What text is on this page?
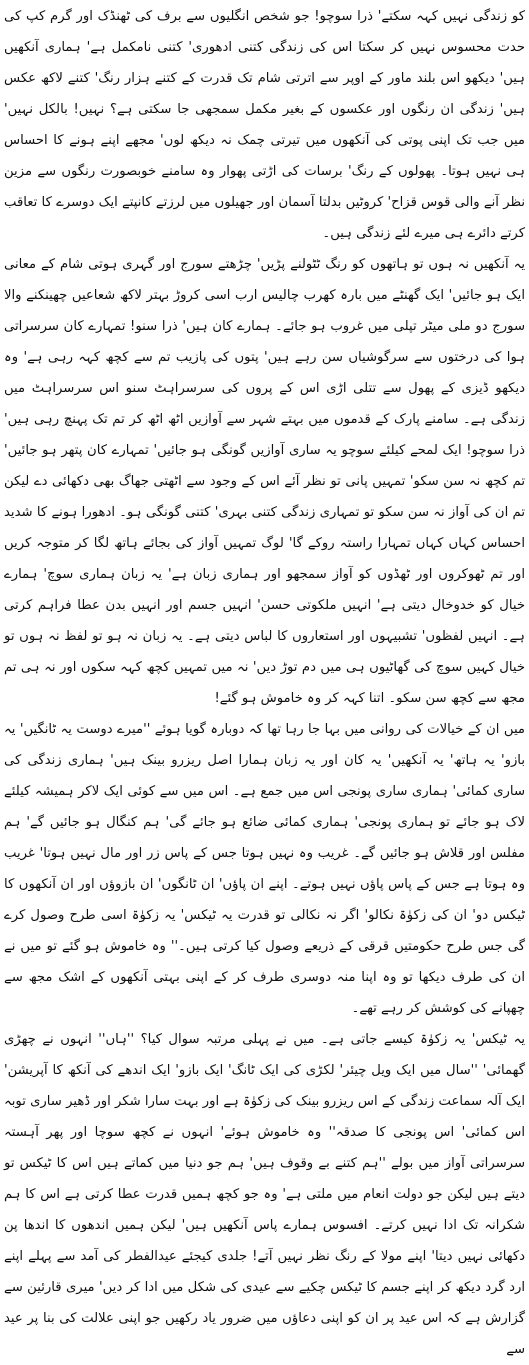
کو زندگی نہیں کہہ سکتے' ذرا سوچو! جو شخص انگلیوں سے برف کی ٹھنڈک اور گرم کپ کی حدت محسوس نہیں کر سکتا اس کی زندگی کتنی ادھوری' کتنی نامکمل ہے' ہماری آنکھیں ہیں' دیکھو اس بلند ماور کے اوپر سے اترتی شام تک قدرت کے کتنے ہزار رنگ' کتنے لاکھ عکس ہیں' زندگی ان رنگوں اور عکسوں کے بغیر مکمل سمجھی جا سکتی ہے؟ نہیں! بالکل نہیں' میں جب تک اپنی پوتی کی آنکھوں میں تیرتی چمک نہ دیکھ لوں' مجھے اپنے ہونے کا احساس ہی نہیں ہوتا۔ پھولوں کے رنگ' برسات کی اڑتی پھوار وہ سامنے خوبصورت رنگوں سے مزین نظر آنے والی قوس قزاح' کروٹیں بدلتا آسمان اور جھیلوں میں لرزتے کانپتے ایک دوسرے کا تعاقب کرتے دائرے ہی میرے لئے زندگی ہیں۔

یہ آنکھیں نہ ہوں تو ہاتھوں کو رنگ ٹٹولنے پڑیں' چڑھتے سورج اور گہری ہوتی شام کے معانی ایک ہو جائیں' ایک گھنٹے میں بارہ کھرب چالیس ارب اسی کروڑ بہتر لاکھ شعاعیں چھینکنے والا سورج دو ملی میٹر تپلی میں غروب ہو جائے۔ ہمارے کان ہیں' ذرا سنو! تمہارے کان سرسراتی ہوا کی درختوں سے سرگوشیاں سن رہے ہیں' پتوں کی پازیب تم سے کچھ کہہ رہی ہے' وہ دیکھو ڈیزی کے پھول سے تتلی اڑی اس کے پروں کی سرسراہٹ سنو اس سرسراہٹ میں زندگی ہے۔ سامنے پارک کے قدموں میں بہتے شہر سے آوازیں اٹھ اٹھ کر تم تک پہنچ رہی ہیں' ذرا سوچو! ایک لمحے کیلئے سوچو یہ ساری آوازیں گونگی ہو جائیں' تمہارے کان پتھر ہو جائیں' تم کچھ نہ سن سکو' تمہیں پانی تو نظر آئے اس کے وجود سے اٹھتی جھاگ بھی دکھائی دے لیکن تم ان کی آواز نہ سن سکو تو تمہاری زندگی کتنی بہری' کتنی گونگی ہو۔ ادھورا ہونے کا شدید احساس کہاں کہاں تمہارا راستہ روکے گا' لوگ تمہیں آواز کی بجائے ہاتھ لگا کر متوجہ کریں اور تم ٹھوکروں اور ٹھڈوں کو آواز سمجھو اور ہماری زبان ہے' یہ زبان ہماری سوچ' ہمارے خیال کو خدوخال دیتی ہے' انہیں ملکوتی حسن' انہیں جسم اور انہیں بدن عطا فراہم کرتی ہے۔ انہیں لفظوں' تشبیہوں اور استعاروں کا لباس دیتی ہے۔ یہ زبان نہ ہو تو لفظ نہ ہوں تو خیال کہیں سوچ کی گھاٹیوں ہی میں دم توڑ دیں' نہ میں تمہیں کچھ کہہ سکوں اور نہ ہی تم مجھ سے کچھ سن سکو۔ اتنا کہہ کر وہ خاموش ہو گئے!

میں ان کے خیالات کی روانی میں بہا جا رہا تھا کہ دوبارہ گویا ہوئے ''میرے دوست یہ ٹانگیں' یہ بازو' یہ ہاتھ' یہ آنکھیں' یہ کان اور یہ زبان ہمارا اصل ریزرو بینک ہیں' ہماری زندگی کی ساری کمائی' ہماری ساری پونجی اس میں جمع ہے۔ اس میں سے کوئی ایک لاکر ہمیشہ کیلئے لاک ہو جائے تو ہماری پونجی' ہماری کمائی ضائع ہو جائے گی' ہم کنگال ہو جائیں گے' ہم مفلس اور قلاش ہو جائیں گے۔ غریب وہ نہیں ہوتا جس کے پاس زر اور مال نہیں ہوتا' غریب وہ ہوتا ہے جس کے پاس پاؤں نہیں ہوتے۔ اپنے ان پاؤں' ان ٹانگوں' ان بازوؤں اور ان آنکھوں کا ٹیکس دو' ان کی زکوٰۃ نکالو' اگر نہ نکالی تو قدرت یہ ٹیکس' یہ زکوٰۃ اسی طرح وصول کرے گی جس طرح حکومتیں قرقی کے ذریعے وصول کیا کرتی ہیں۔'' وہ خاموش ہو گئے تو میں نے ان کی طرف دیکھا تو وہ اپنا منہ دوسری طرف کر کے اپنی بہتی آنکھوں کے اشک مجھ سے چھپانے کی کوشش کر رہے تھے۔

یہ ٹیکس' یہ زکوٰۃ کیسے جاتی ہے۔ میں نے پہلی مرتبہ سوال کیا؟ ''ہاں'' انہوں نے چھڑی گھمائی' ''سال میں ایک ویل چیئر' لکڑی کی ایک ٹانگ' ایک بازو' ایک اندھے کی آنکھ کا آپریشن' ایک آلہ سماعت زندگی کے اس ریزرو بینک کی زکوٰۃ ہے اور بہت سارا شکر اور ڈھیر ساری توبہ اس کمائی' اس پونجی کا صدقہ'' وہ خاموش ہوئے' انہوں نے کچھ سوچا اور پھر آہستہ سرسراتی آواز میں بولے ''ہم کتنے بے وقوف ہیں' ہم جو دنیا میں کماتے ہیں اس کا ٹیکس تو دیتے ہیں لیکن جو دولت انعام میں ملتی ہے' وہ جو کچھ ہمیں قدرت عطا کرتی ہے اس کا ہم شکرانہ تک ادا نہیں کرتے۔ افسوس ہمارے پاس آنکھیں ہیں' لیکن ہمیں اندھوں کا اندھا پن دکھائی نہیں دیتا' اپنے مولا کے رنگ نظر نہیں آتے! جلدی کیجئے عیدالفطر کی آمد سے پہلے اپنے ارد گرد دیکھ کر اپنے جسم کا ٹیکس چکیے سے عیدی کی شکل میں ادا کر دیں' میری قارئین سے گزارش ہے کہ اس عید پر ان کو اپنی دعاؤں میں ضرور یاد رکھیں جو اپنی علالت کی بنا پر عید سے
